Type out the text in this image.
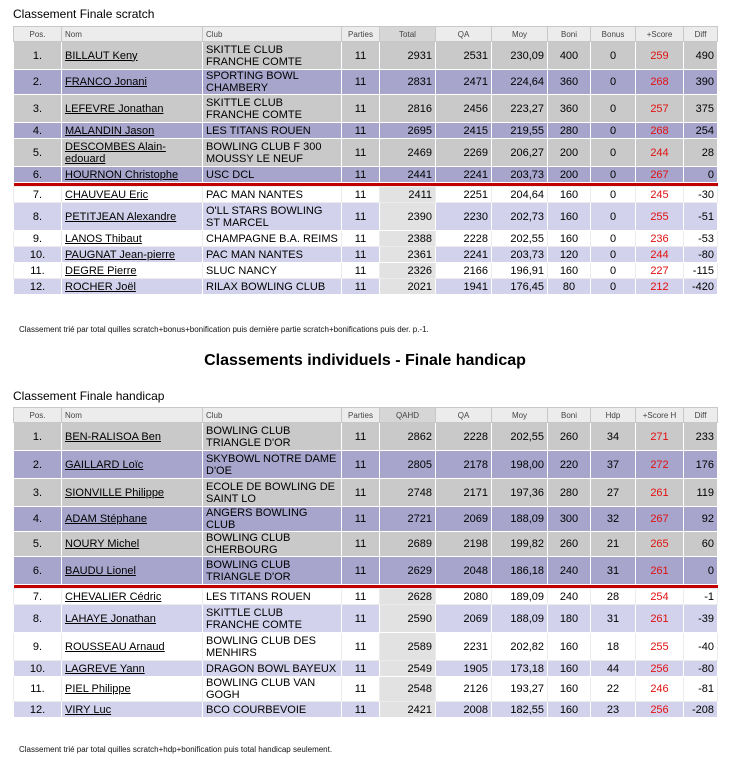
Classement Finale scratch
Pos.	Nom	Club	Parties	Total	QA	Moy	Boni	Bonus	+Score	Diff
1.	BILLAUT Keny	SKITTLE CLUB FRANCHE COMTE	11	2931	2531	230,09	400	0	259	490
2.	FRANCO Jonani	SPORTING BOWL CHAMBERY	11	2831	2471	224,64	360	0	268	390
3.	LEFEVRE Jonathan	SKITTLE CLUB FRANCHE COMTE	11	2816	2456	223,27	360	0	257	375
4.	MALANDIN Jason	LES TITANS ROUEN	11	2695	2415	219,55	280	0	268	254
5.	DESCOMBES Alain-edouard	BOWLING CLUB F 300 MOUSSY LE NEUF	11	2469	2269	206,27	200	0	244	28
6.	HOURNON Christophe	USC DCL	11	2441	2241	203,73	200	0	267	0

7.	CHAUVEAU Eric	PAC MAN NANTES	11	2411	2251	204,64	160	0	245	-30
8.	PETITJEAN Alexandre	O'LL STARS BOWLING ST MARCEL	11	2390	2230	202,73	160	0	255	-51
9.	LANOS Thibaut	CHAMPAGNE B.A. REIMS	11	2388	2228	202,55	160	0	236	-53
10.	PAUGNAT Jean-pierre	PAC MAN NANTES	11	2361	2241	203,73	120	0	244	-80
11.	DEGRE Pierre	SLUC NANCY	11	2326	2166	196,91	160	0	227	-115
12.	ROCHER Joël	RILAX BOWLING CLUB	11	2021	1941	176,45	80	0	212	-420
Classement trié par total quilles scratch+bonus+bonification puis dernière partie scratch+bonifications puis der. p.-1.
Classements individuels - Finale handicap
Classement Finale handicap
Pos.	Nom	Club	Parties	QAHD	QA	Moy	Boni	Hdp	+Score H	Diff
1.	BEN-RALISOA Ben	BOWLING CLUB TRIANGLE D'OR	11	2862	2228	202,55	260	34	271	233
2.	GAILLARD Loïc	SKYBOWL NOTRE DAME D'OE	11	2805	2178	198,00	220	37	272	176
3.	SIONVILLE Philippe	ECOLE DE BOWLING DE SAINT LO	11	2748	2171	197,36	280	27	261	119
4.	ADAM Stéphane	ANGERS BOWLING CLUB	11	2721	2069	188,09	300	32	267	92
5.	NOURY Michel	BOWLING CLUB CHERBOURG	11	2689	2198	199,82	260	21	265	60
6.	BAUDU Lionel	BOWLING CLUB TRIANGLE D'OR	11	2629	2048	186,18	240	31	261	0

7.	CHEVALIER Cédric	LES TITANS ROUEN	11	2628	2080	189,09	240	28	254	-1
8.	LAHAYE Jonathan	SKITTLE CLUB FRANCHE COMTE	11	2590	2069	188,09	180	31	261	-39
9.	ROUSSEAU Arnaud	BOWLING CLUB DES MENHIRS	11	2589	2231	202,82	160	18	255	-40
10.	LAGREVE Yann	DRAGON BOWL BAYEUX	11	2549	1905	173,18	160	44	256	-80
11.	PIEL Philippe	BOWLING CLUB VAN GOGH	11	2548	2126	193,27	160	22	246	-81
12.	VIRY Luc	BCO COURBEVOIE	11	2421	2008	182,55	160	23	256	-208
Classement trié par total quilles scratch+hdp+bonification puis total handicap seulement.
